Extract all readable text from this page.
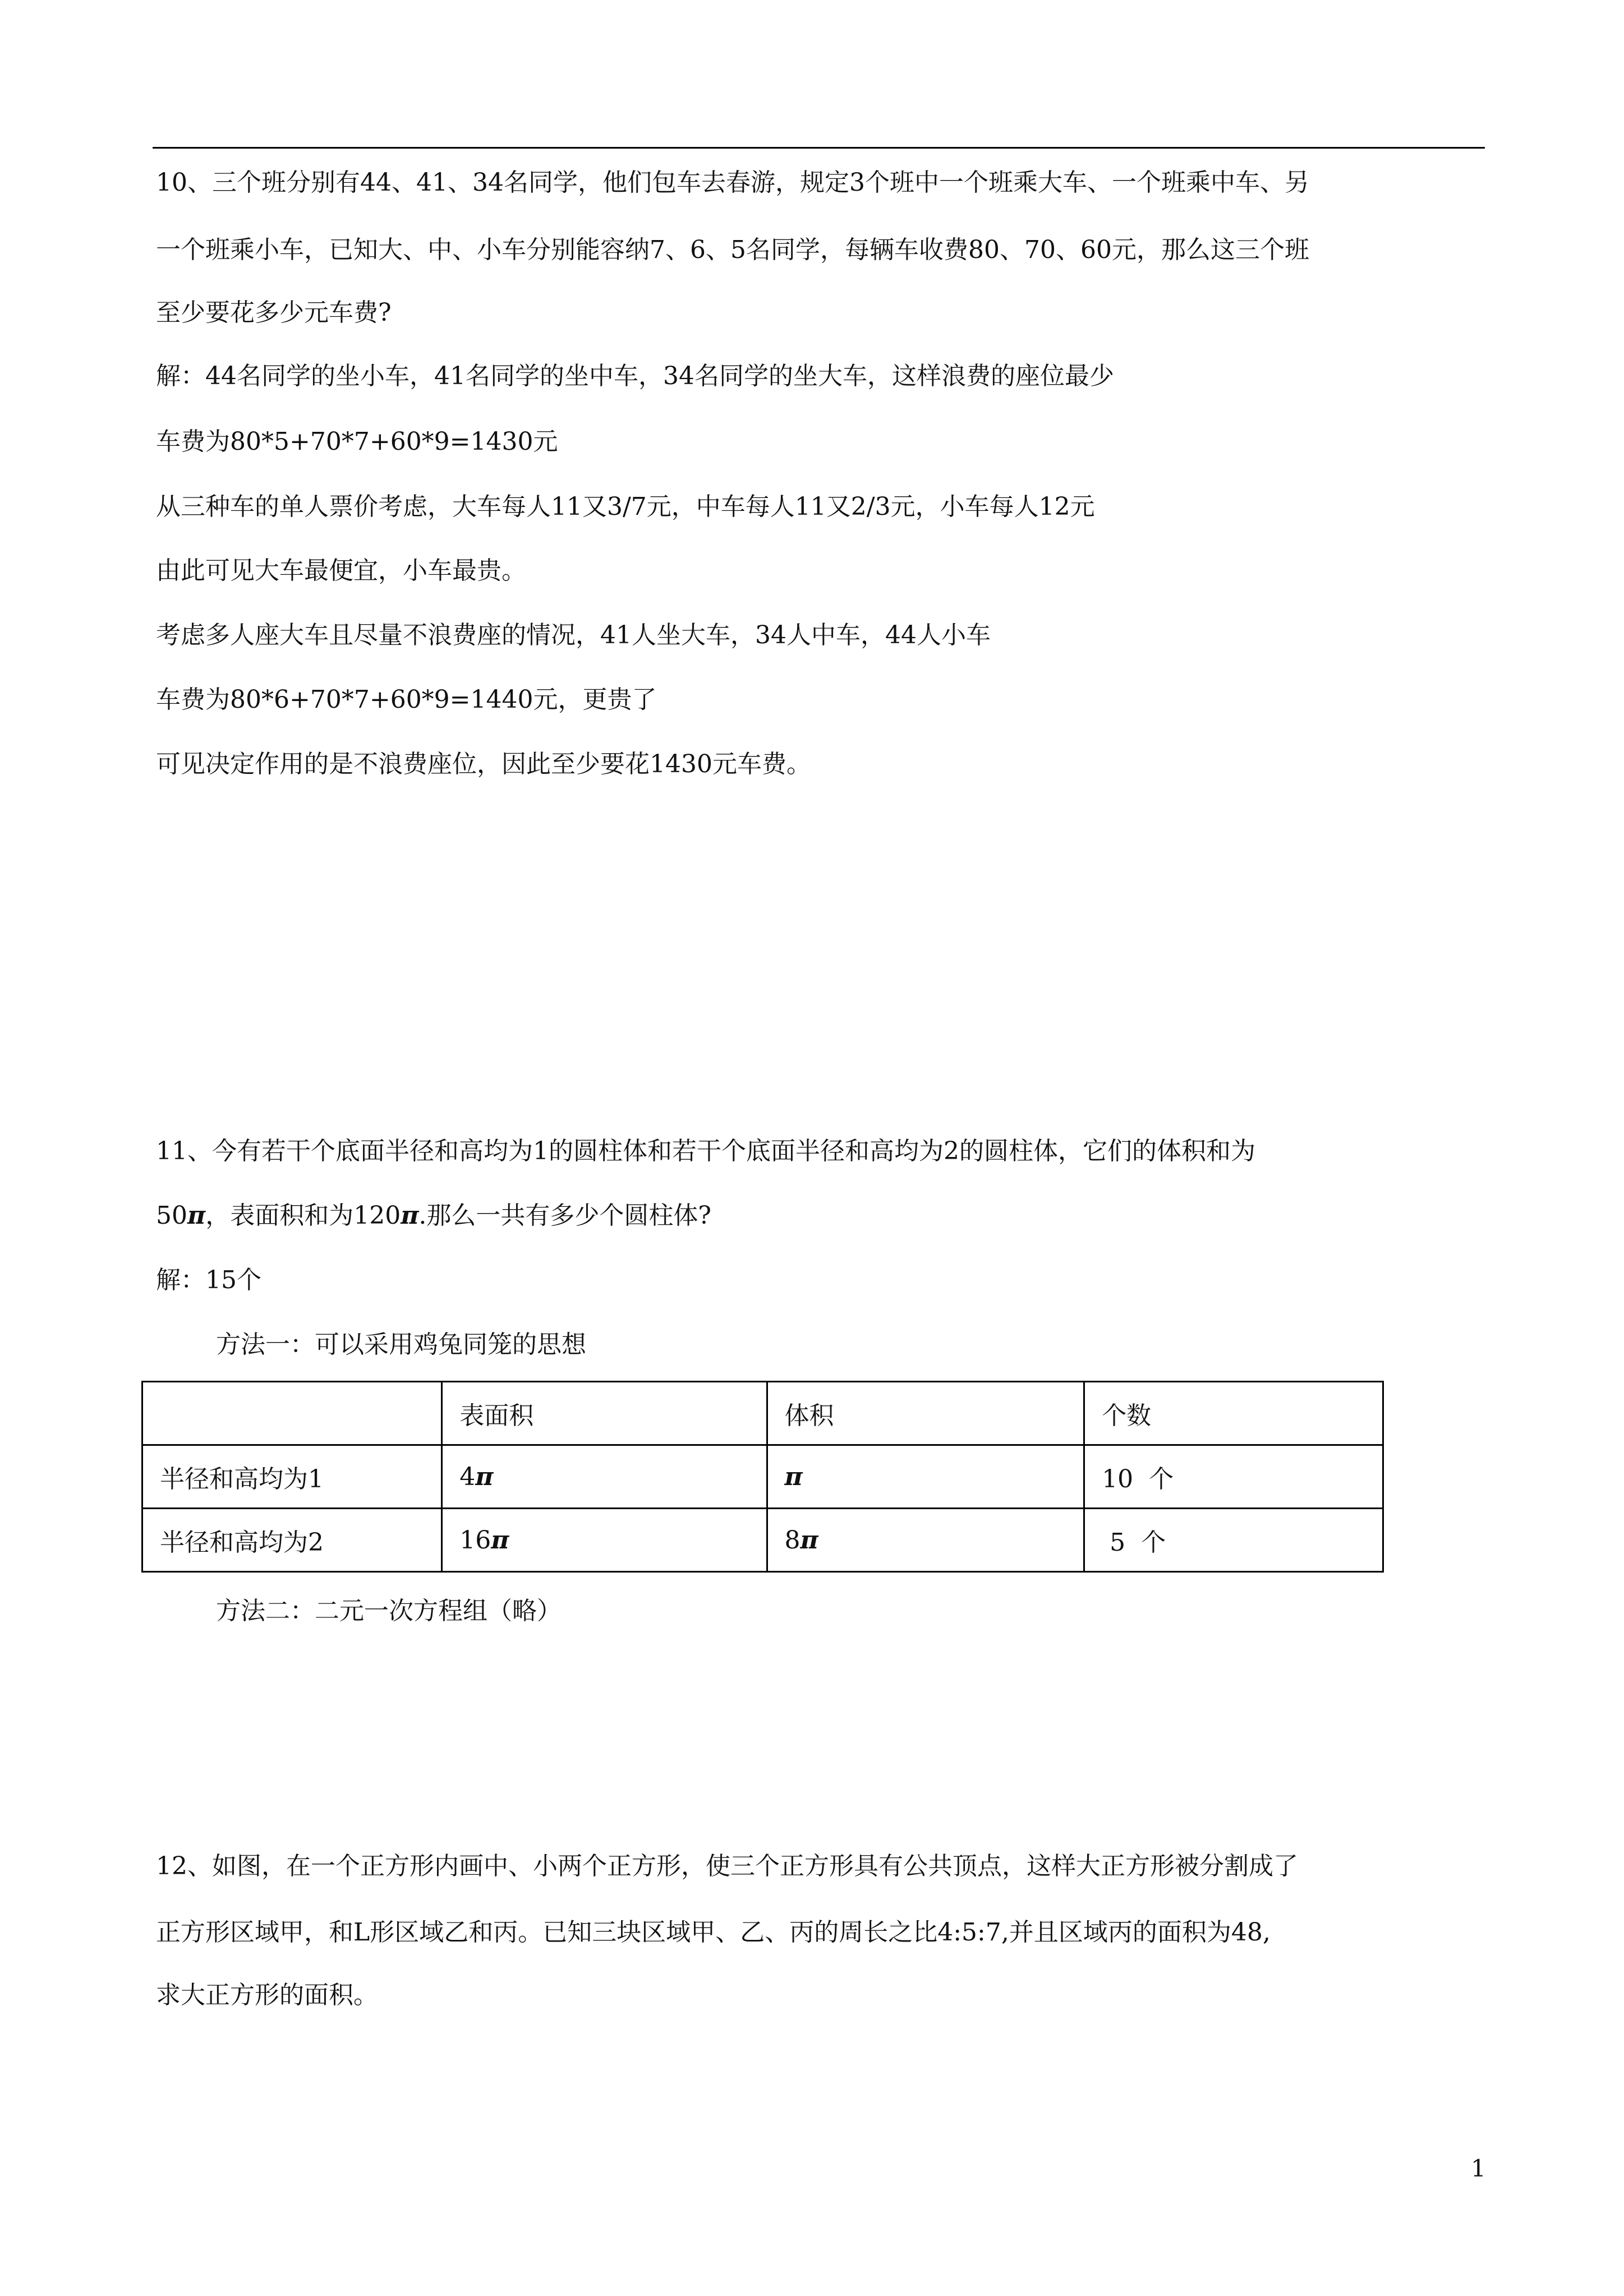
10、三个班分别有44、41、34名同学，他们包车去春游，规定3个班中一个班乘大车、一个班乘中车、另
一个班乘小车，已知大、中、小车分别能容纳7、6、5名同学，每辆车收费80、70、60元，那么这三个班
至少要花多少元车费?
解：44名同学的坐小车，41名同学的坐中车，34名同学的坐大车，这样浪费的座位最少
车费为80*5+70*7+60*9=1430元
从三种车的单人票价考虑，大车每人11又3/7元，中车每人11又2/3元，小车每人12元
由此可见大车最便宜，小车最贵。
考虑多人座大车且尽量不浪费座的情况，41人坐大车，34人中车，44人小车
车费为80*6+70*7+60*9=1440元，更贵了
可见决定作用的是不浪费座位，因此至少要花1430元车费。
11、今有若干个底面半径和高均为1的圆柱体和若干个底面半径和高均为2的圆柱体，它们的体积和为
50π，表面积和为120π.那么一共有多少个圆柱体?
解：15个
方法一：可以采用鸡兔同笼的思想
	表面积	体积	个数
半径和高均为1	4π	π	10  个
半径和高均为2	16π	8π	5  个
方法二：二元一次方程组（略）
12、如图，在一个正方形内画中、小两个正方形，使三个正方形具有公共顶点，这样大正方形被分割成了
正方形区域甲，和L形区域乙和丙。已知三块区域甲、乙、丙的周长之比4:5:7,并且区域丙的面积为48,
求大正方形的面积。
1
